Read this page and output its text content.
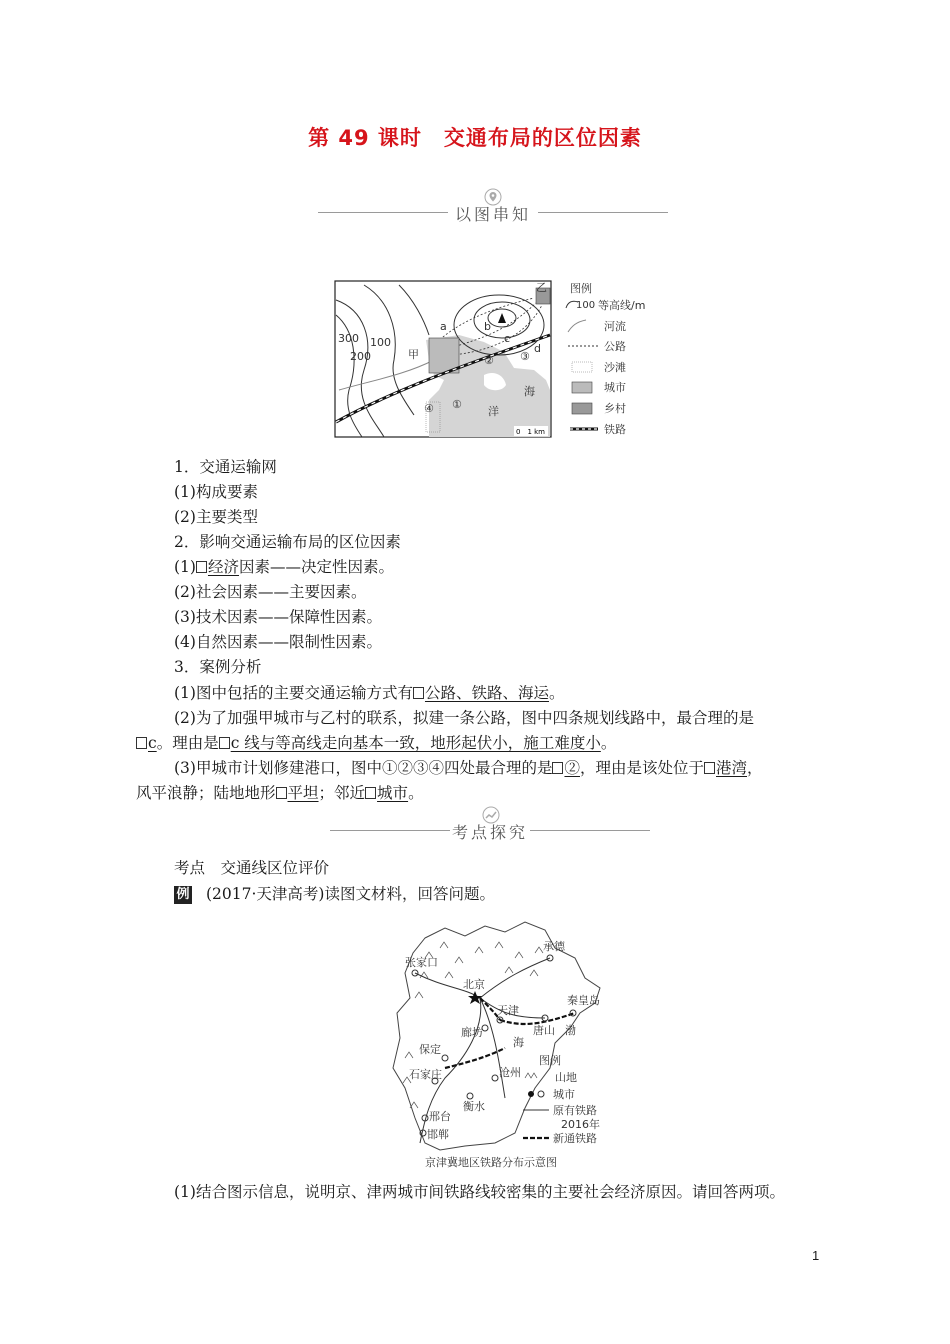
第 49 课时　交通布局的区位因素
以图串知
300
200
100
甲
乙
海
洋
a	b
c
d
①
② ③
④
0　1 km
图例
100 等高线/m
河流
公路
沙滩
城市
乡村
铁路
1．交通运输网
(1)构成要素
(2)主要类型
2．影响交通运输布局的区位因素
(1) 经济因素——决定性因素。
(2)社会因素——主要因素。
(3)技术因素——保障性因素。
(4)自然因素——限制性因素。
3．案例分析
(1)图中包括的主要交通运输方式有 公路、铁路、海运。
(2)为了加强甲城市与乙村的联系，拟建一条公路，图中四条规划线路中，最合理的是
c。理由是 c 线与等高线走向基本一致，地形起伏小，施工难度小。
(3)甲城市计划修建港口，图中①②③④四处最合理的是 ②，理由是该处位于 港湾，
风平浪静；陆地地形 平坦；邻近 城市。
考点探究
考点　交通线区位评价
例 (2017·天津高考)读图文材料，回答问题。
张家口
承德
北京
天津
唐山
秦皇岛
廊坊
保定
石家庄	沧州
衡水
邢台
邯郸
渤
海
图例
山地
城市
原有铁路
2016年
新通铁路
京津冀地区铁路分布示意图
(1)结合图示信息，说明京、津两城市间铁路线较密集的主要社会经济原因。请回答两项。
1
